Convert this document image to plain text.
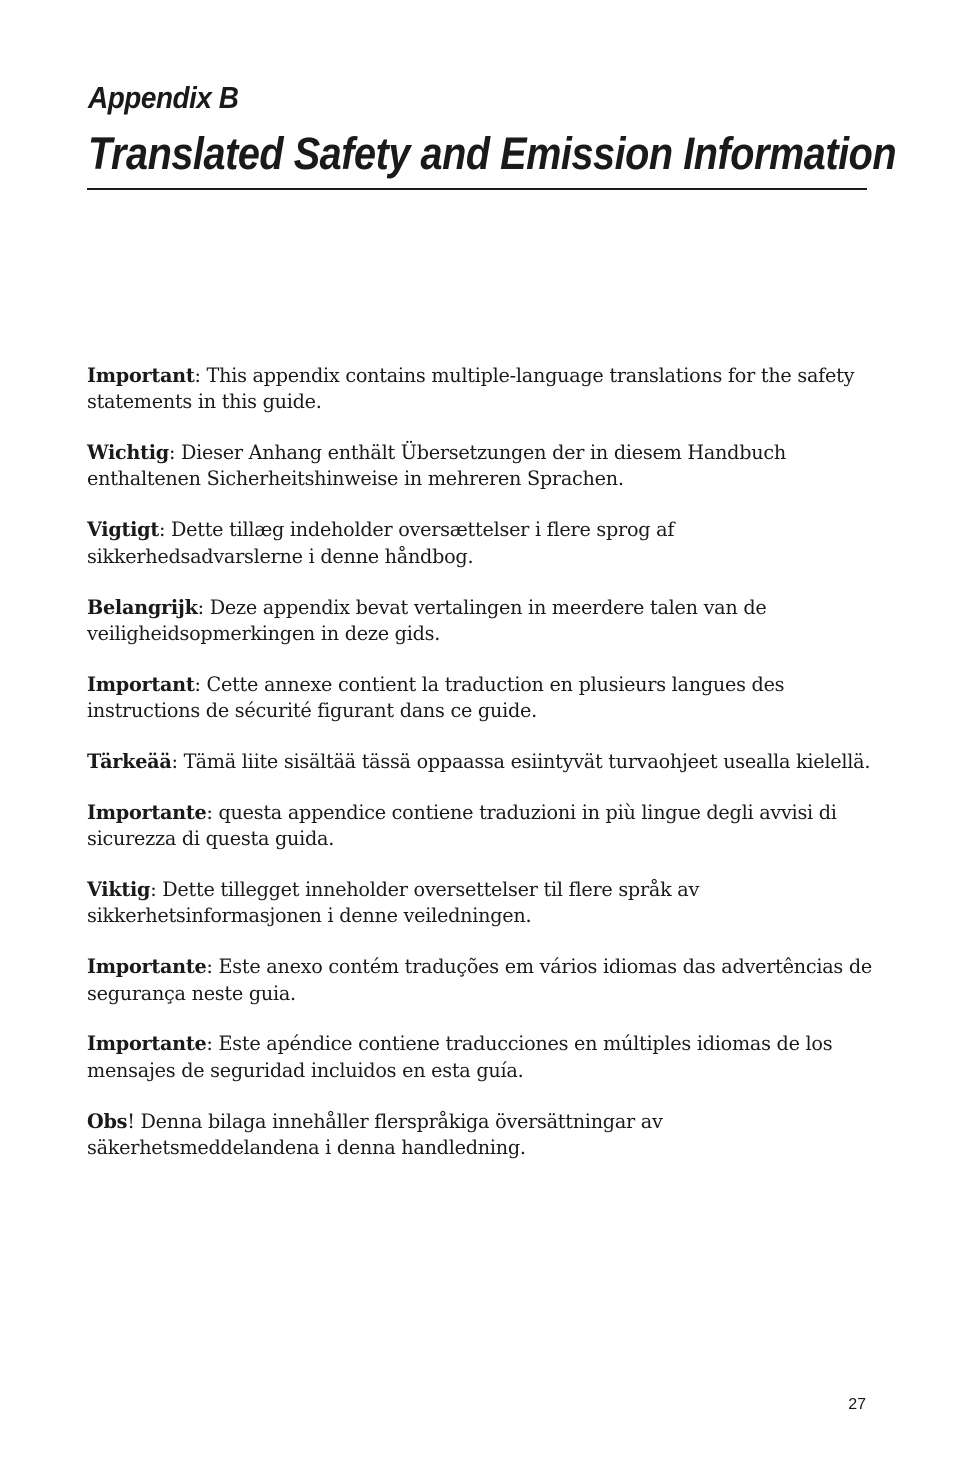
Appendix B
Translated Safety and Emission Information

Important: This appendix contains multiple-language translations for the safety statements in this guide.

Wichtig: Dieser Anhang enthält Übersetzungen der in diesem Handbuch enthaltenen Sicherheitshinweise in mehreren Sprachen.

Vigtigt: Dette tillæg indeholder oversættelser i flere sprog af sikkerhedsadvarslerne i denne håndbog.

Belangrijk: Deze appendix bevat vertalingen in meerdere talen van de veiligheidsopmerkingen in deze gids.

Important: Cette annexe contient la traduction en plusieurs langues des instructions de sécurité figurant dans ce guide.

Tärkeää: Tämä liite sisältää tässä oppaassa esiintyvät turvaohjeet usealla kielellä.

Importante: questa appendice contiene traduzioni in più lingue degli avvisi di sicurezza di questa guida.

Viktig: Dette tillegget inneholder oversettelser til flere språk av sikkerhetsinformasjonen i denne veiledningen.

Importante: Este anexo contém traduções em vários idiomas das advertências de segurança neste guia.

Importante: Este apéndice contiene traducciones en múltiples idiomas de los mensajes de seguridad incluidos en esta guía.

Obs! Denna bilaga innehåller flerspråkiga översättningar av säkerhetsmeddelandena i denna handledning.

27
